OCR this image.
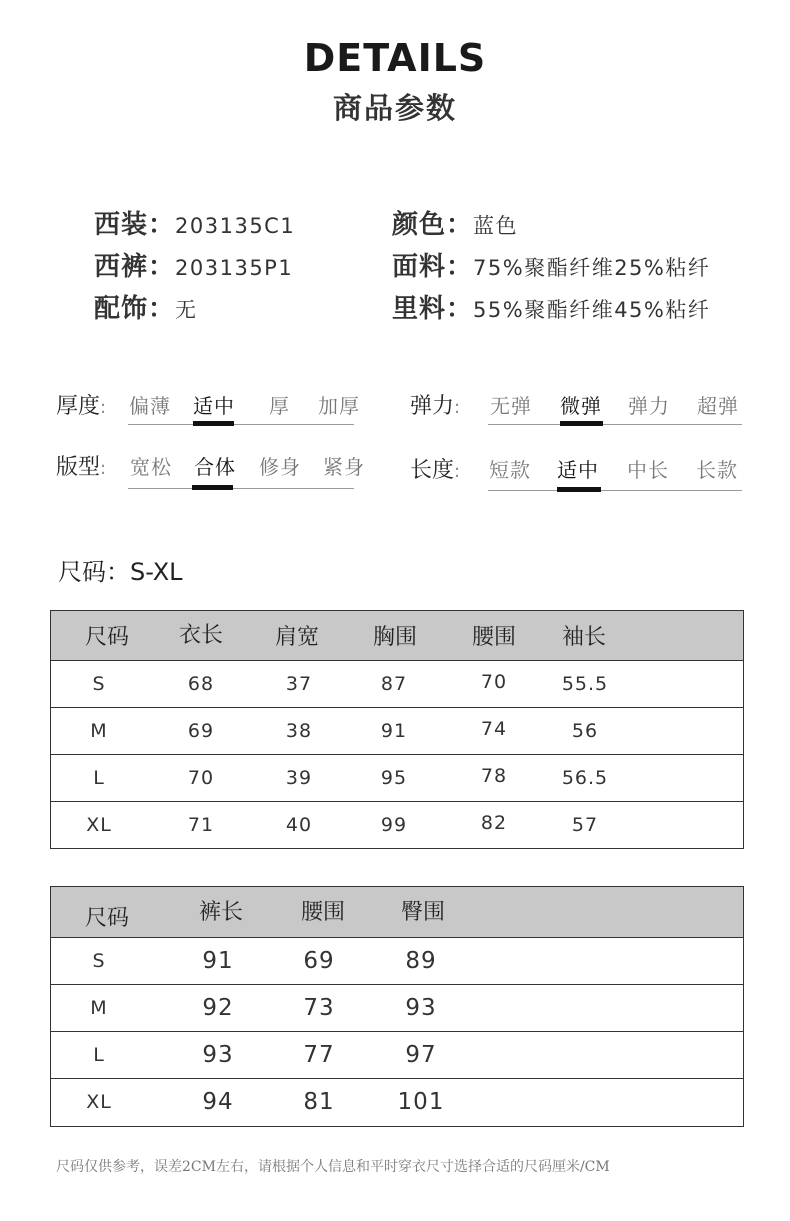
DETAILS
商品参数
西装： 203135C1
西裤： 203135P1
配饰： 无
颜色： 蓝色
面料： 75%聚酯纤维25%粘纤
里料： 55%聚酯纤维45%粘纤
厚度: 偏薄 适中 厚 加厚 弹力: 无弹 微弹 弹力 超弹
版型: 宽松 合体 修身 紧身 长度: 短款 适中 中长 长款
尺码：S-XL
尺码	衣长	肩宽	胸围	腰围	袖长
S	68	37	87	70	55.5
M	69	38	91	74	56
L	70	39	95	78	56.5
XL	71	40	99	82	57
尺码	裤长	腰围	臀围
S	91	69	89
M	92	73	93
L	93	77	97
XL	94	81	101
尺码仅供参考，误差2CM左右，请根据个人信息和平时穿衣尺寸选择合适的尺码厘米/CM
